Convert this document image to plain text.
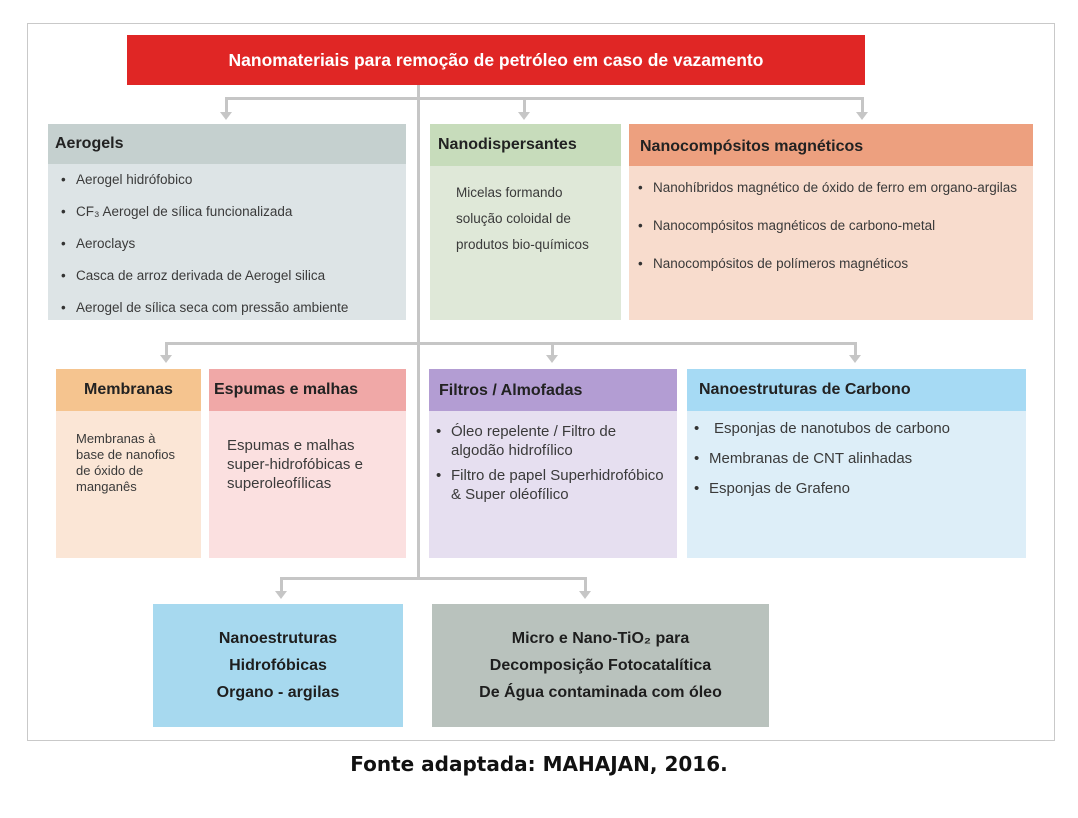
Nanomateriais para remoção de petróleo em caso de vazamento
Aerogels
• Aerogel hidrófobico
• CF₃ Aerogel de sílica funcionalizada
• Aeroclays
• Casca de arroz derivada de Aerogel silica
• Aerogel de sílica seca com pressão ambiente
Nanodispersantes
Micelas formando
solução coloidal de
produtos bio-químicos
Nanocompósitos magnéticos
• Nanohíbridos magnético de óxido de ferro em organo-argilas
• Nanocompósitos magnéticos de carbono-metal
• Nanocompósitos de polímeros magnéticos
Membranas
Membranas à
base de nanofios
de óxido de
manganês
Espumas e malhas
Espumas e malhas
super-hidrofóbicas e
superoleofílicas
Filtros / Almofadas
• Óleo repelente / Filtro de algodão hidrofílico
• Filtro de papel Superhidrofóbico & Super oléofílico
Nanoestruturas de Carbono
• Esponjas de nanotubos de carbono
• Membranas de CNT alinhadas
• Esponjas de Grafeno
Nanoestruturas
Hidrofóbicas
Organo - argilas
Micro e Nano-TiO₂ para
Decomposição Fotocatalítica
De Água contaminada com óleo
Fonte adaptada: MAHAJAN, 2016.
